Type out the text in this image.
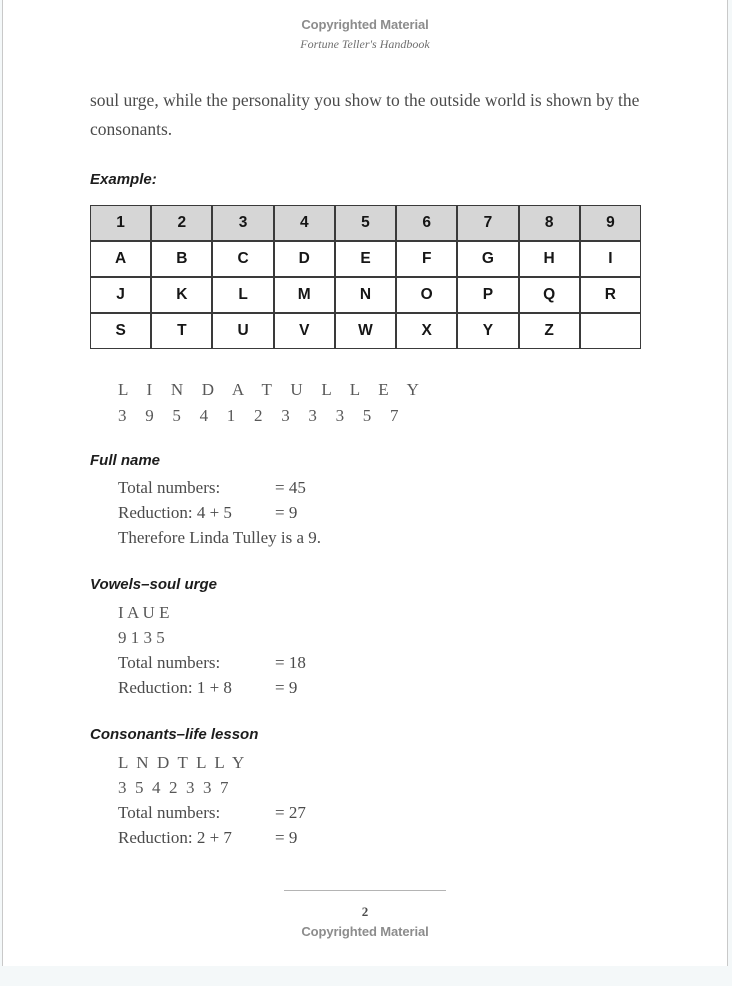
Copyrighted Material
Fortune Teller's Handbook

soul urge, while the personality you show to the outside world is shown by the consonants.

Example:
1	2	3	4	5	6	7	8	9
A	B	C	D	E	F	G	H	I
J	K	L	M	N	O	P	Q	R
S	T	U	V	W	X	Y	Z	
L  I  N  D  A  T  U  L  L  E  Y
3  9  5  4  1  2  3  3  3  5  7
Full name
Total numbers:	= 45
Reduction: 4 + 5	= 9
Therefore Linda Tulley is a 9.
Vowels–soul urge
I A U E
9 1 3 5
Total numbers:	= 18
Reduction: 1 + 8	= 9
Consonants–life lesson
L  N  D  T  L  L  Y
3  5  4  2  3  3  7
Total numbers:	= 27
Reduction: 2 + 7	= 9
2
Copyrighted Material
